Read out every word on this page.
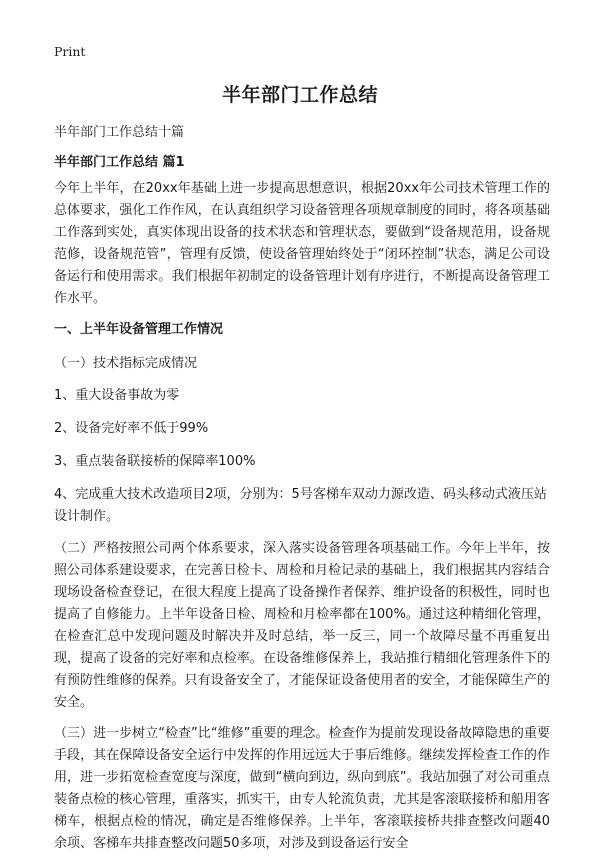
Print
半年部门工作总结

半年部门工作总结十篇

半年部门工作总结 篇1

今年上半年，在20xx年基础上进一步提高思想意识，根据20xx年公司技术管理工作的总体要求，强化工作作风，在认真组织学习设备管理各项规章制度的同时，将各项基础工作落到实处，真实体现出设备的技术状态和管理状态，要做到“设备规范用，设备规范修，设备规范管”，管理有反馈，使设备管理始终处于“闭环控制”状态，满足公司设备运行和使用需求。我们根据年初制定的设备管理计划有序进行，不断提高设备管理工作水平。

一、上半年设备管理工作情况

（一）技术指标完成情况

1、重大设备事故为零

2、设备完好率不低于99%

3、重点装备联接桥的保障率100%

4、完成重大技术改造项目2项，分别为：5号客梯车双动力源改造、码头移动式液压站设计制作。

（二）严格按照公司两个体系要求，深入落实设备管理各项基础工作。今年上半年，按照公司体系建设要求，在完善日检卡、周检和月检记录的基础上，我们根据其内容结合现场设备检查登记，在很大程度上提高了设备操作者保养、维护设备的积极性，同时也提高了自修能力。上半年设备日检、周检和月检率都在100%。通过这种精细化管理，在检查汇总中发现问题及时解决并及时总结，举一反三，同一个故障尽量不再重复出现，提高了设备的完好率和点检率。在设备维修保养上，我站推行精细化管理条件下的有预防性维修的保养。只有设备安全了，才能保证设备使用者的安全，才能保障生产的安全。

（三）进一步树立“检查”比“维修”重要的理念。检查作为提前发现设备故障隐患的重要手段，其在保障设备安全运行中发挥的作用远远大于事后维修。继续发挥检查工作的作用，进一步拓宽检查宽度与深度，做到“横向到边，纵向到底”。我站加强了对公司重点装备点检的核心管理，重落实，抓实干，由专人轮流负责，尤其是客滚联接桥和船用客梯车，根据点检的情况，确定是否维修保养。上半年，客滚联接桥共排查整改问题40余项、客梯车共排查整改问题50多项，对涉及到设备运行安全
